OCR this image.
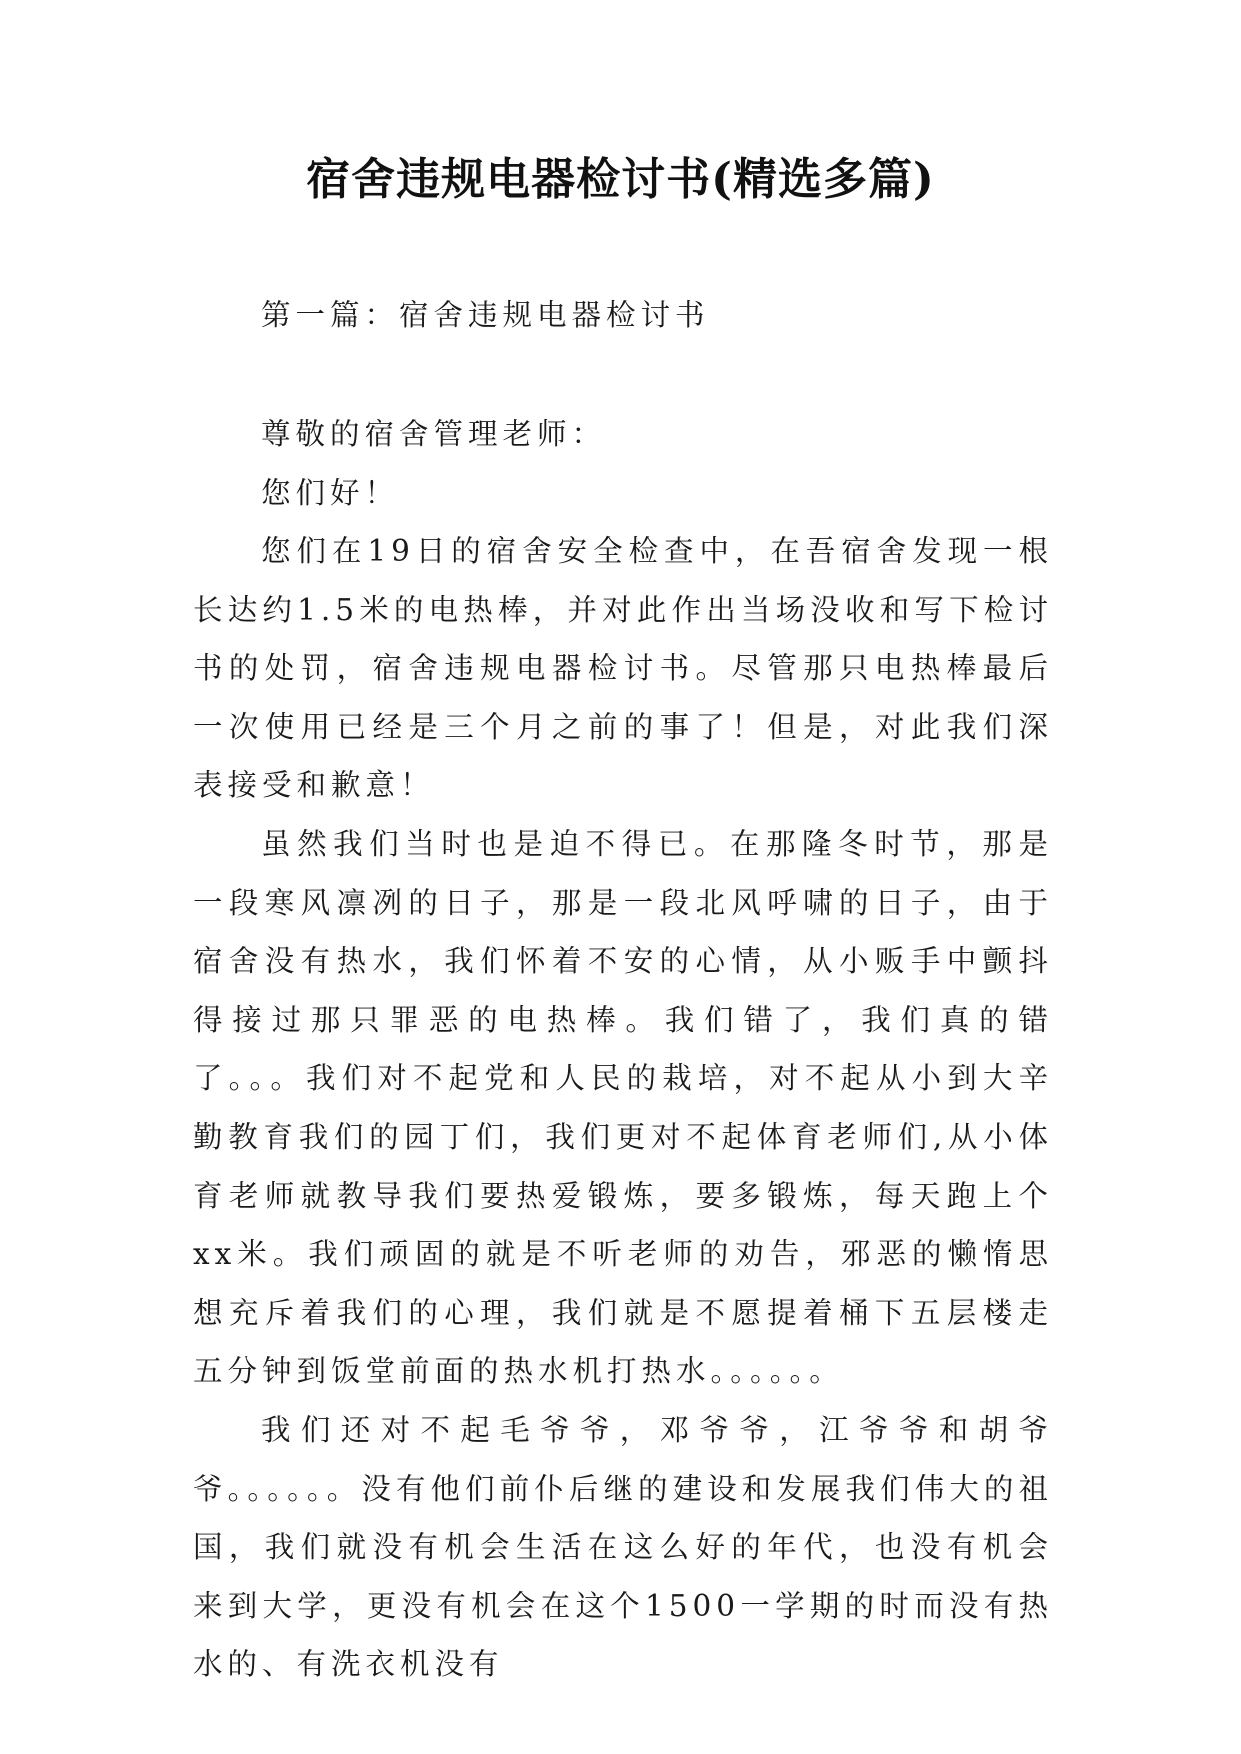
宿舍违规电器检讨书(精选多篇)
第一篇：宿舍违规电器检讨书
尊敬的宿舍管理老师：
您们好！

您们在19日的宿舍安全检查中，在吾宿舍发现一根长达约1.5米的电热棒，并对此作出当场没收和写下检讨书的处罚，宿舍违规电器检讨书。尽管那只电热棒最后一次使用已经是三个月之前的事了！但是，对此我们深表接受和歉意！

虽然我们当时也是迫不得已。在那隆冬时节，那是一段寒风凛冽的日子，那是一段北风呼啸的日子，由于宿舍没有热水，我们怀着不安的心情，从小贩手中颤抖得接过那只罪恶的电热棒。我们错了，我们真的错了。。。我们对不起党和人民的栽培，对不起从小到大辛勤教育我们的园丁们，我们更对不起体育老师们,从小体育老师就教导我们要热爱锻炼，要多锻炼，每天跑上个xx米。我们顽固的就是不听老师的劝告，邪恶的懒惰思想充斥着我们的心理，我们就是不愿提着桶下五层楼走五分钟到饭堂前面的热水机打热水。。。。。。

我们还对不起毛爷爷，邓爷爷，江爷爷和胡爷爷。。。。。。没有他们前仆后继的建设和发展我们伟大的祖国，我们就没有机会生活在这么好的年代，也没有机会来到大学，更没有机会在这个1500一学期的时而没有热水的、有洗衣机没有
